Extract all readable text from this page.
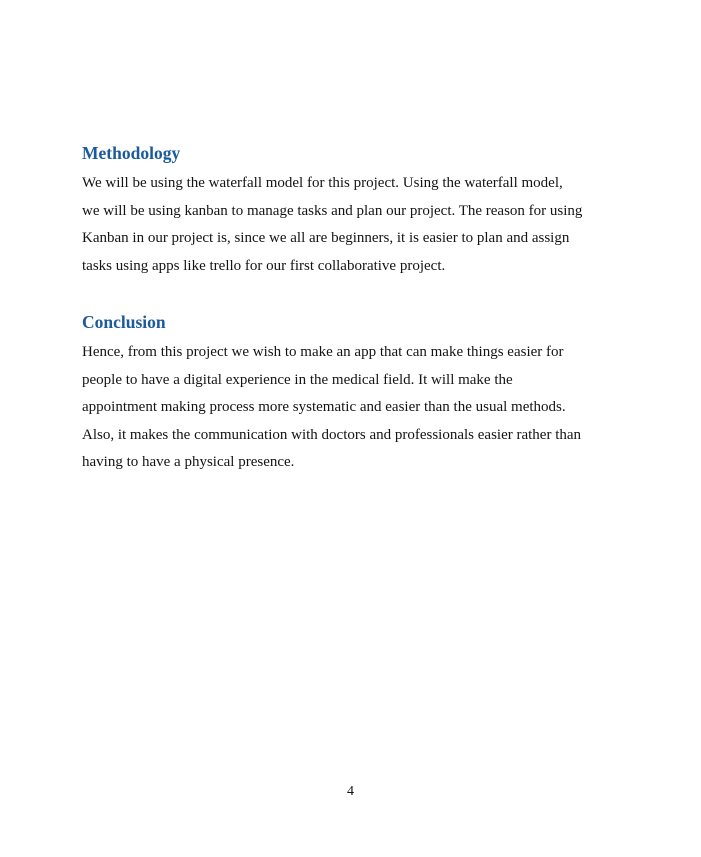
Methodology

We will be using the waterfall model for this project. Using the waterfall model,

we will be using kanban to manage tasks and plan our project. The reason for using

Kanban in our project is, since we all are beginners, it is easier to plan and assign

tasks using apps like trello for our first collaborative project.

Conclusion

Hence, from this project we wish to make an app that can make things easier for

people to have a digital experience in the medical field. It will make the

appointment making process more systematic and easier than the usual methods.

Also, it makes the communication with doctors and professionals easier rather than

having to have a physical presence.

4
